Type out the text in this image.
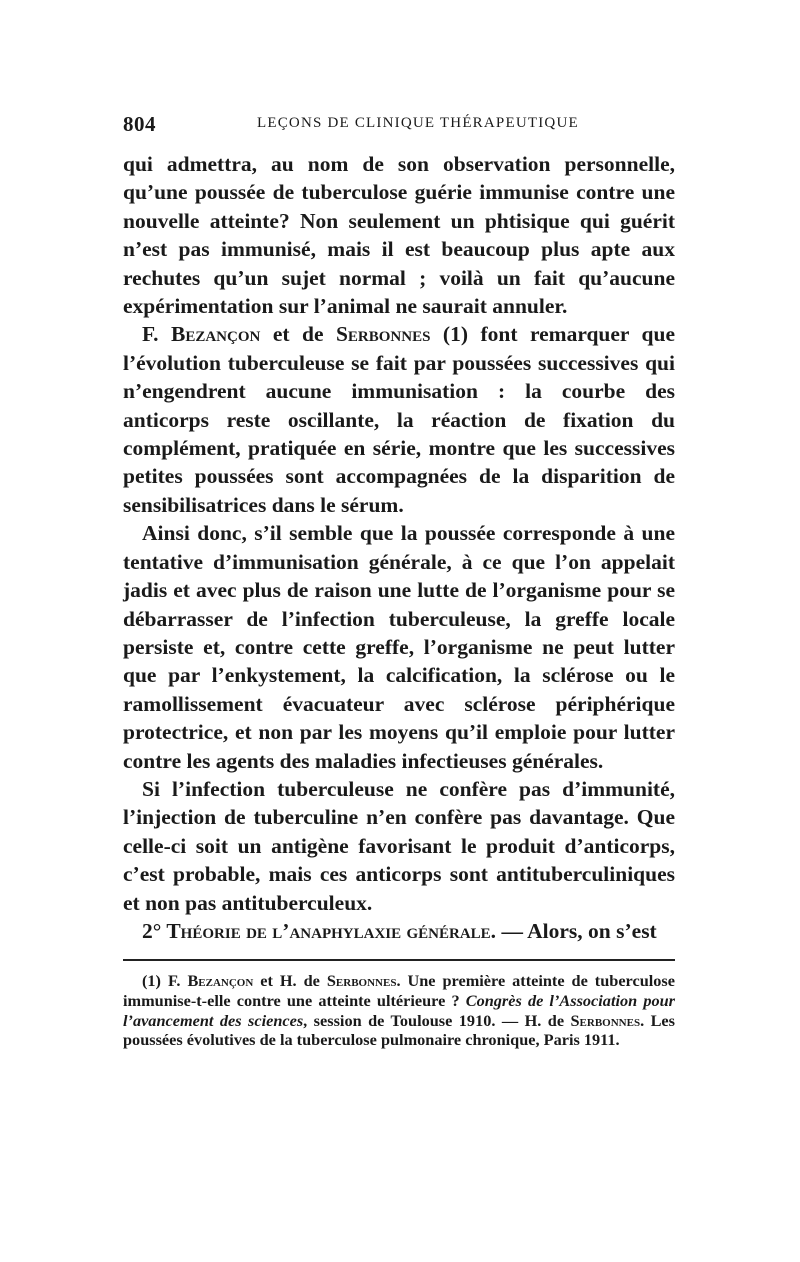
804	LEÇONS DE CLINIQUE THÉRAPEUTIQUE

qui admettra, au nom de son observation personnelle, qu’une poussée de tuberculose guérie immunise contre une nouvelle atteinte? Non seulement un phtisique qui guérit n’est pas immunisé, mais il est beaucoup plus apte aux rechutes qu’un sujet normal ; voilà un fait qu’aucune expérimentation sur l’animal ne saurait annuler.

F. Bezançon et de Serbonnes (1) font remarquer que l’évolution tuberculeuse se fait par poussées successives qui n’engendrent aucune immunisation : la courbe des anticorps reste oscillante, la réaction de fixation du complément, pratiquée en série, montre que les successives petites poussées sont accompagnées de la disparition de sensibilisatrices dans le sérum.

Ainsi donc, s’il semble que la poussée corresponde à une tentative d’immunisation générale, à ce que l’on appelait jadis et avec plus de raison une lutte de l’organisme pour se débarrasser de l’infection tuberculeuse, la greffe locale persiste et, contre cette greffe, l’organisme ne peut lutter que par l’enkystement, la calcification, la sclérose ou le ramollissement évacuateur avec sclérose périphérique protectrice, et non par les moyens qu’il emploie pour lutter contre les agents des maladies infectieuses générales.

Si l’infection tuberculeuse ne confère pas d’immunité, l’injection de tuberculine n’en confère pas davantage. Que celle-ci soit un antigène favorisant le produit d’anticorps, c’est probable, mais ces anticorps sont antituberculiniques et non pas antituberculeux.

2° Théorie de l’anaphylaxie générale. — Alors, on s’est

(1) F. Bezançon et H. de Serbonnes. Une première atteinte de tuberculose immunise-t-elle contre une atteinte ultérieure ? Congrès de l’Association pour l’avancement des sciences, session de Toulouse 1910. — H. de Serbonnes. Les poussées évolutives de la tuberculose pulmonaire chronique, Paris 1911.
